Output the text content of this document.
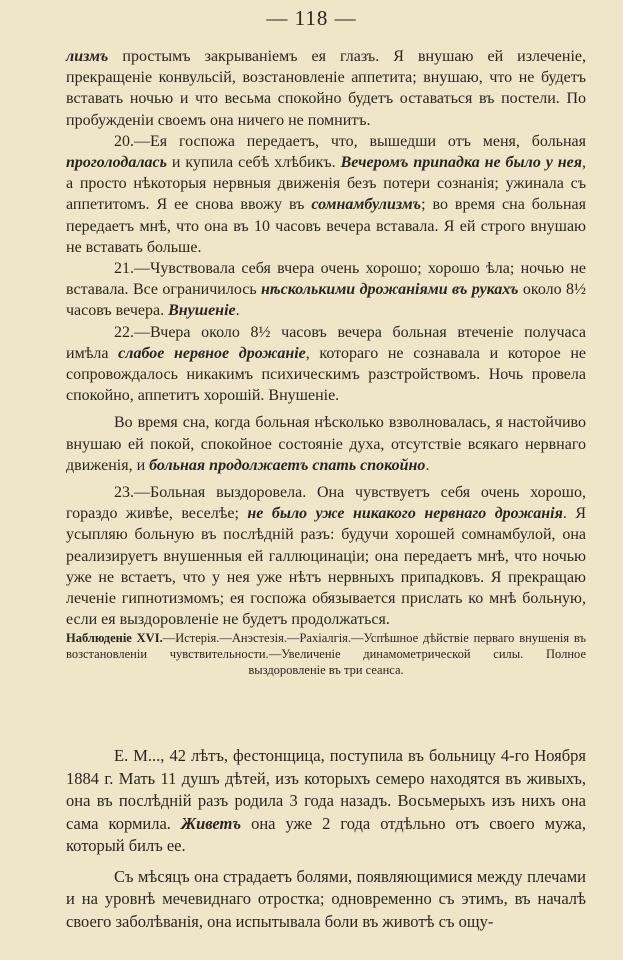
— 118 —

лизмъ простымъ закрываніемъ ея глазъ. Я внушаю ей излеченіе, прекращеніе конвульсій, возстановленіе аппетита; внушаю, что не будетъ вставать ночью и что весьма спокойно будетъ оставаться въ постели. По пробужденіи своемъ она ничего не помнитъ.

20.—Ея госпожа передаетъ, что, вышедши отъ меня, больная проголодалась и купила себѣ хлѣбикъ. Вечеромъ припадка не было у нея, а просто нѣкоторыя нервныя движенія безъ потери сознанія; ужинала съ аппетитомъ. Я ее снова ввожу въ сомнамбулизмъ; во время сна больная передаетъ мнѣ, что она въ 10 часовъ вечера вставала. Я ей строго внушаю не вставать больше.

21.—Чувствовала себя вчера очень хорошо; хорошо ѣла; ночью не вставала. Все ограничилось нѣсколькими дрожаніями въ рукахъ около 8½ часовъ вечера. Внушеніе.

22.—Вчера около 8½ часовъ вечера больная втеченіе получаса имѣла слабое нервное дрожаніе, котораго не сознавала и которое не сопровождалось никакимъ психическимъ разстройствомъ. Ночь провела спокойно, аппетитъ хорошій. Внушеніе.

Во время сна, когда больная нѣсколько взволновалась, я настойчиво внушаю ей покой, спокойное состояніе духа, отсутствіе всякаго нервнаго движенія, и больная продолжаетъ спать спокойно.

23.—Больная выздоровела. Она чувствуетъ себя очень хорошо, гораздо живѣе, веселѣе; не было уже никакого нервнаго дрожанія. Я усыпляю больную въ послѣдній разъ: будучи хорошей сомнамбулой, она реализируетъ внушенныя ей галлюцинаціи; она передаетъ мнѣ, что ночью уже не встаетъ, что у нея уже нѣтъ нервныхъ припадковъ. Я прекращаю леченіе гипнотизмомъ; ея госпожа обязывается прислать ко мнѣ больную, если ея выздоровленіе не будетъ продолжаться.

Наблюденіе XVI.—Истерія.—Анэстезія.—Рахіалгія.—Успѣшное дѣйствіе перваго внушенія въ возстановленіи чувствительности.—Увеличеніе динамометрической силы. Полное выздоровленіе въ три сеанса.

Е. М..., 42 лѣтъ, фестонщица, поступила въ больницу 4-го Ноября 1884 г. Мать 11 душъ дѣтей, изъ которыхъ семеро находятся въ живыхъ, она въ послѣдній разъ родила 3 года назадъ. Восьмерыхъ изъ нихъ она сама кормила. Живетъ она уже 2 года отдѣльно отъ своего мужа, который билъ ее.

Съ мѣсяцъ она страдаетъ болями, появляющимися между плечами и на уровнѣ мечевиднаго отростка; одновременно съ этимъ, въ началѣ своего заболѣванія, она испытывала боли въ животѣ съ ощу-
